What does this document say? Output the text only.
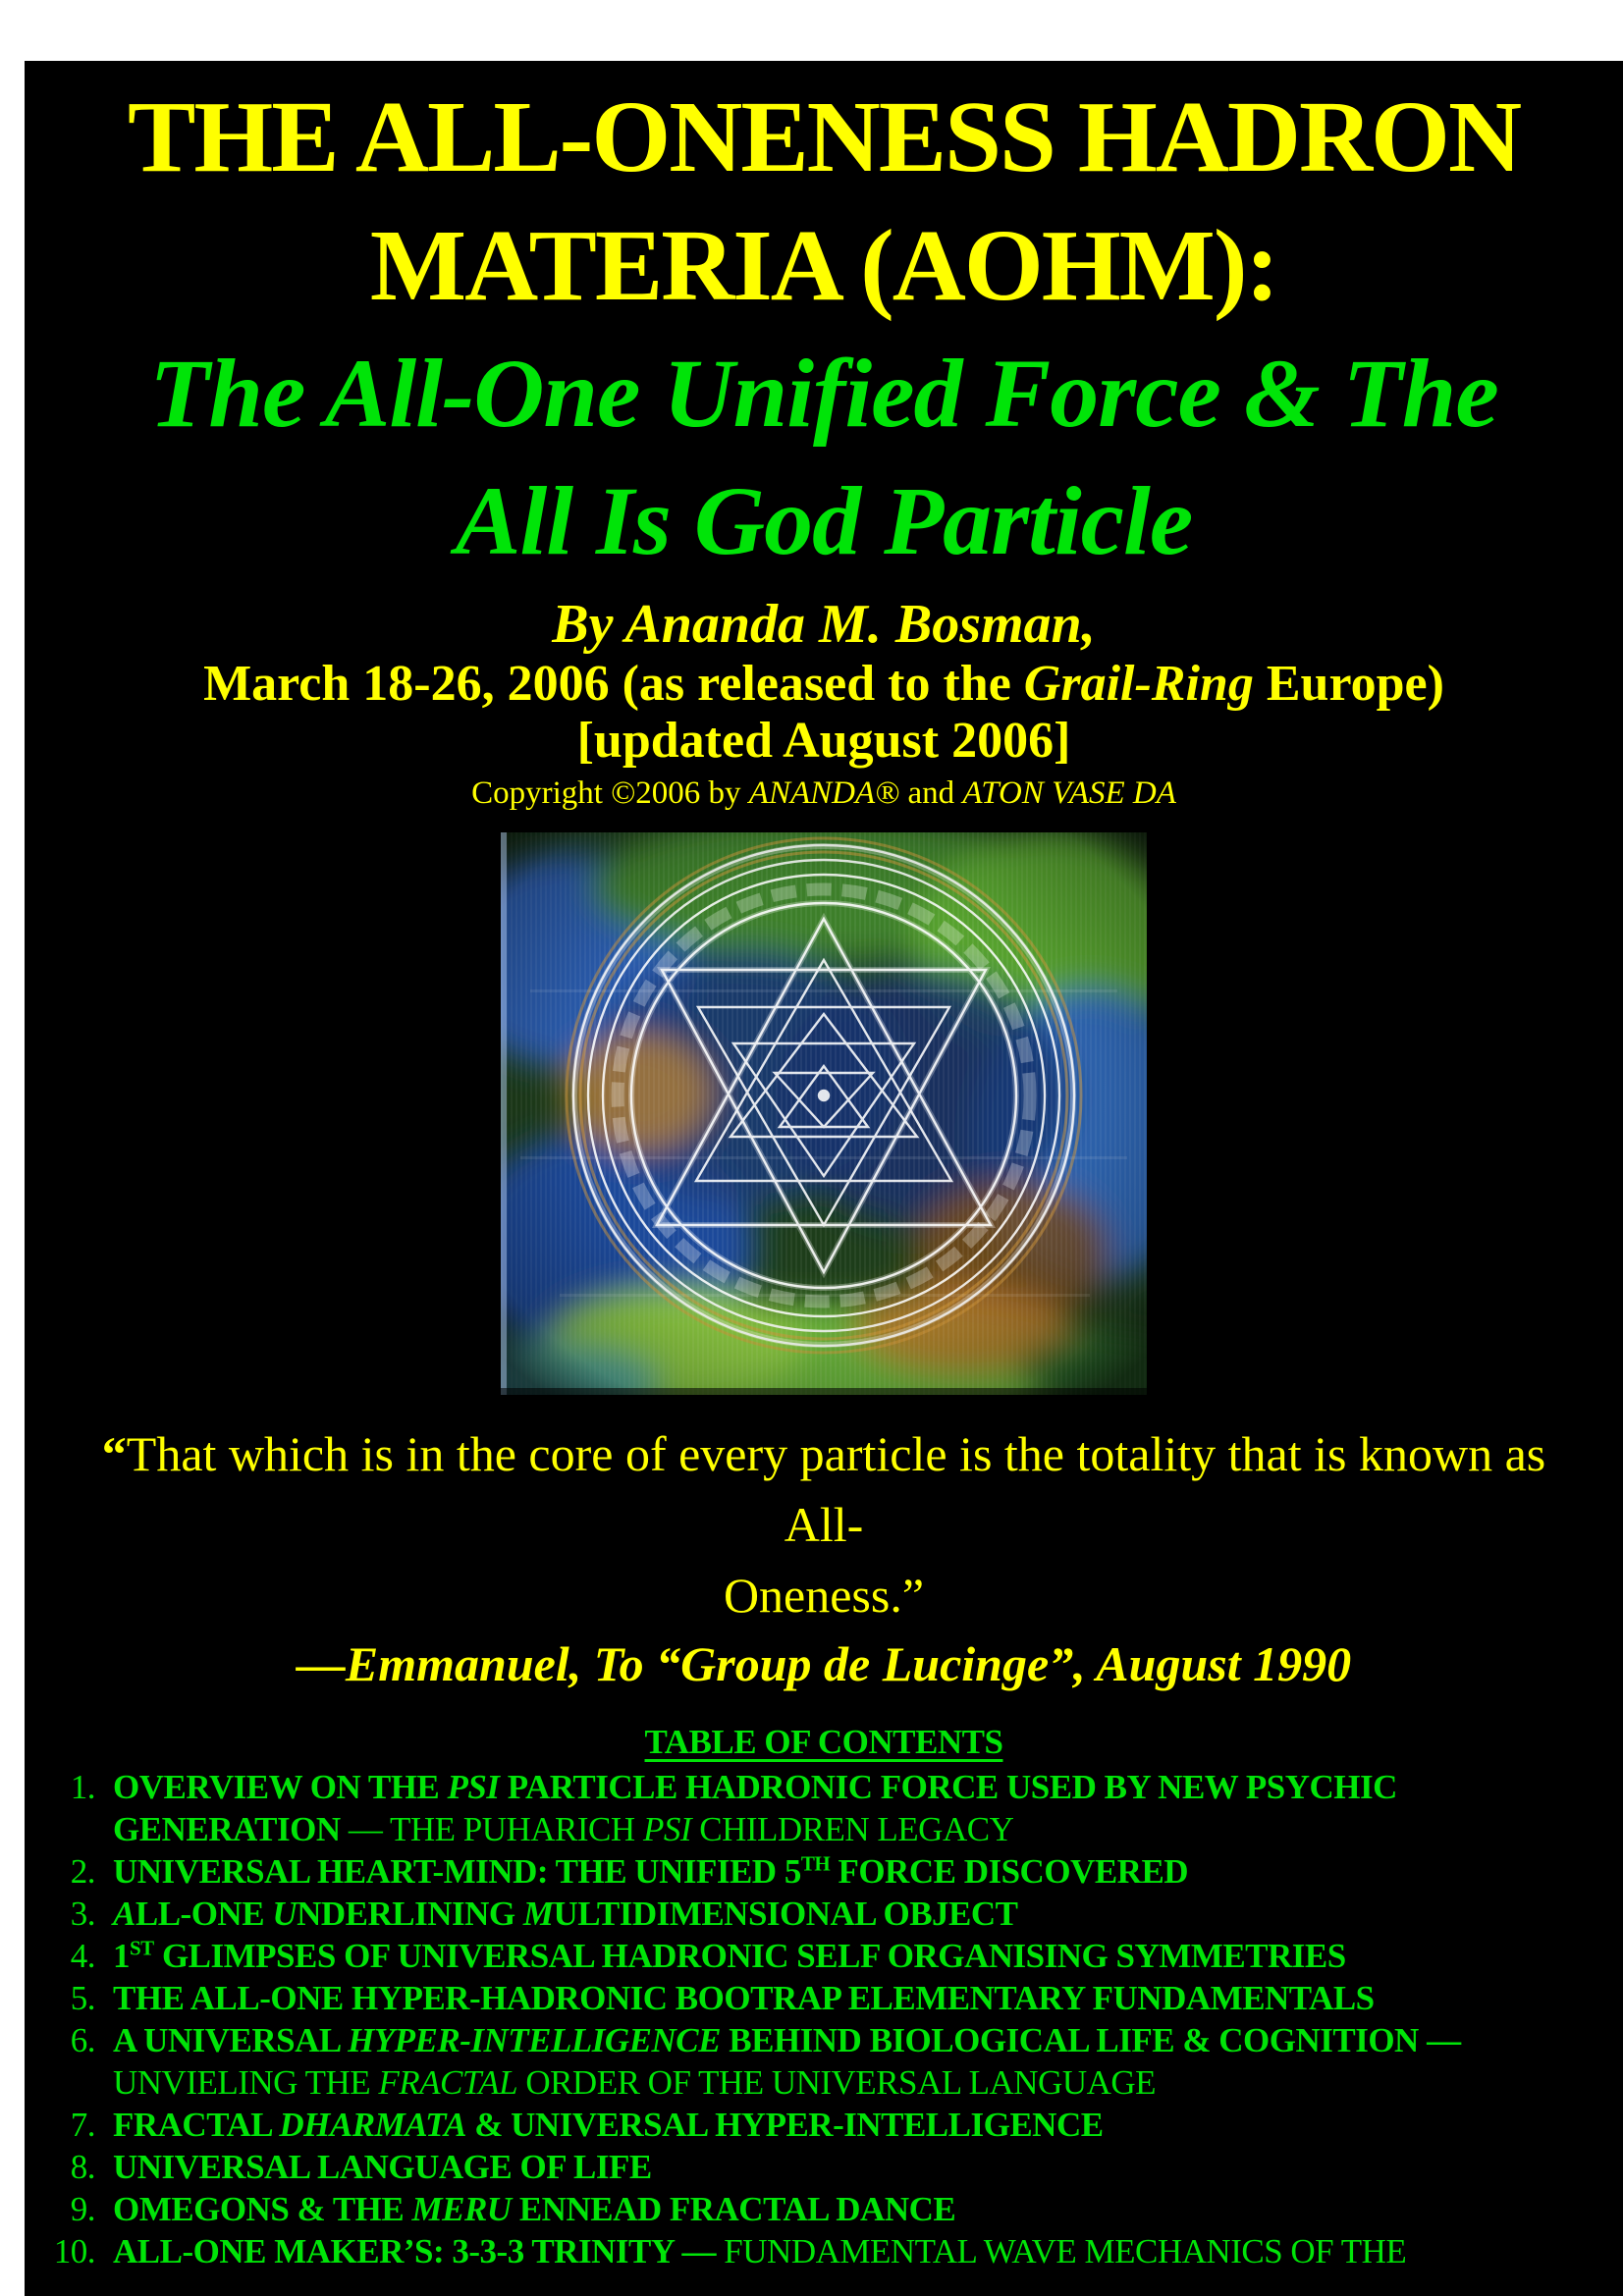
THE ALL-ONENESS HADRON
MATERIA (AOHM):
The All-One Unified Force & The
All Is God Particle
By Ananda M. Bosman,
March 18-26, 2006 (as released to the Grail-Ring Europe)
[updated August 2006]
Copyright ©2006 by ANANDA® and ATON VASE DA
“That which is in the core of every particle is the totality that is known as All-
Oneness.”
—Emmanuel, To “Group de Lucinge”, August 1990
TABLE OF CONTENTS
1. OVERVIEW ON THE PSI PARTICLE HADRONIC FORCE USED BY NEW PSYCHIC
GENERATION — THE PUHARICH PSI CHILDREN LEGACY
2. UNIVERSAL HEART-MIND: THE UNIFIED 5TH FORCE DISCOVERED
3. ALL-ONE UNDERLINING MULTIDIMENSIONAL OBJECT
4. 1ST GLIMPSES OF UNIVERSAL HADRONIC SELF ORGANISING SYMMETRIES
5. THE ALL-ONE HYPER-HADRONIC BOOTRAP ELEMENTARY FUNDAMENTALS
6. A UNIVERSAL HYPER-INTELLIGENCE BEHIND BIOLOGICAL LIFE & COGNITION —
UNVIELING THE FRACTAL ORDER OF THE UNIVERSAL LANGUAGE
7. FRACTAL DHARMATA & UNIVERSAL HYPER-INTELLIGENCE
8. UNIVERSAL LANGUAGE OF LIFE
9. OMEGONS & THE MERU ENNEAD FRACTAL DANCE
10. ALL-ONE MAKER’S: 3-3-3 TRINITY — FUNDAMENTAL WAVE MECHANICS OF THE
